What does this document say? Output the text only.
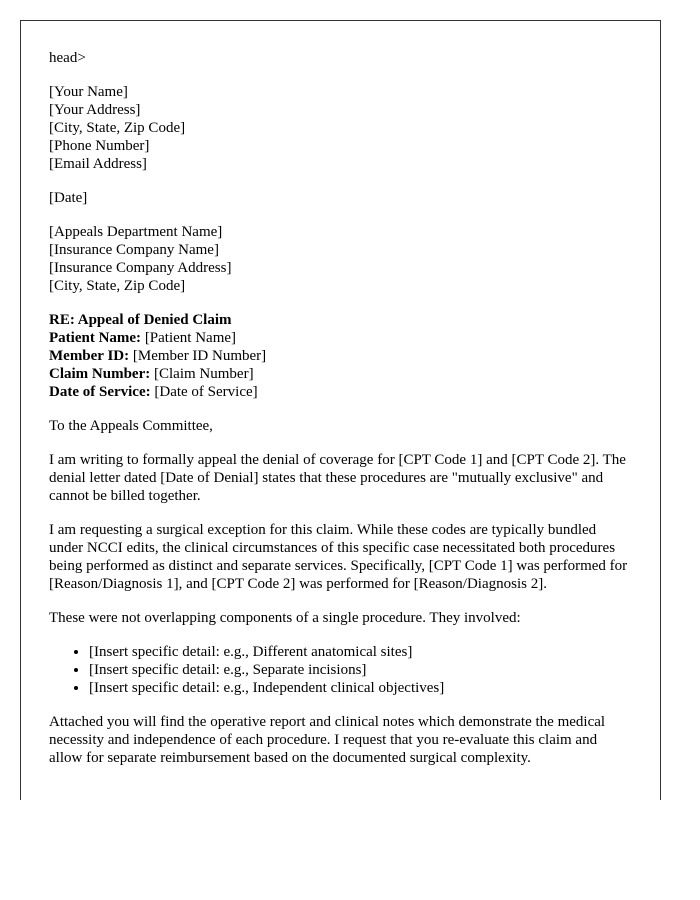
head>

[Your Name]
[Your Address]
[City, State, Zip Code]
[Phone Number]
[Email Address]

[Date]

[Appeals Department Name]
[Insurance Company Name]
[Insurance Company Address]
[City, State, Zip Code]

RE: Appeal of Denied Claim
Patient Name: [Patient Name]
Member ID: [Member ID Number]
Claim Number: [Claim Number]
Date of Service: [Date of Service]

To the Appeals Committee,

I am writing to formally appeal the denial of coverage for [CPT Code 1] and [CPT Code 2]. The denial letter dated [Date of Denial] states that these procedures are "mutually exclusive" and cannot be billed together.

I am requesting a surgical exception for this claim. While these codes are typically bundled under NCCI edits, the clinical circumstances of this specific case necessitated both procedures being performed as distinct and separate services. Specifically, [CPT Code 1] was performed for [Reason/Diagnosis 1], and [CPT Code 2] was performed for [Reason/Diagnosis 2].

These were not overlapping components of a single procedure. They involved:

• [Insert specific detail: e.g., Different anatomical sites]
• [Insert specific detail: e.g., Separate incisions]
• [Insert specific detail: e.g., Independent clinical objectives]

Attached you will find the operative report and clinical notes which demonstrate the medical necessity and independence of each procedure. I request that you re-evaluate this claim and allow for separate reimbursement based on the documented surgical complexity.
